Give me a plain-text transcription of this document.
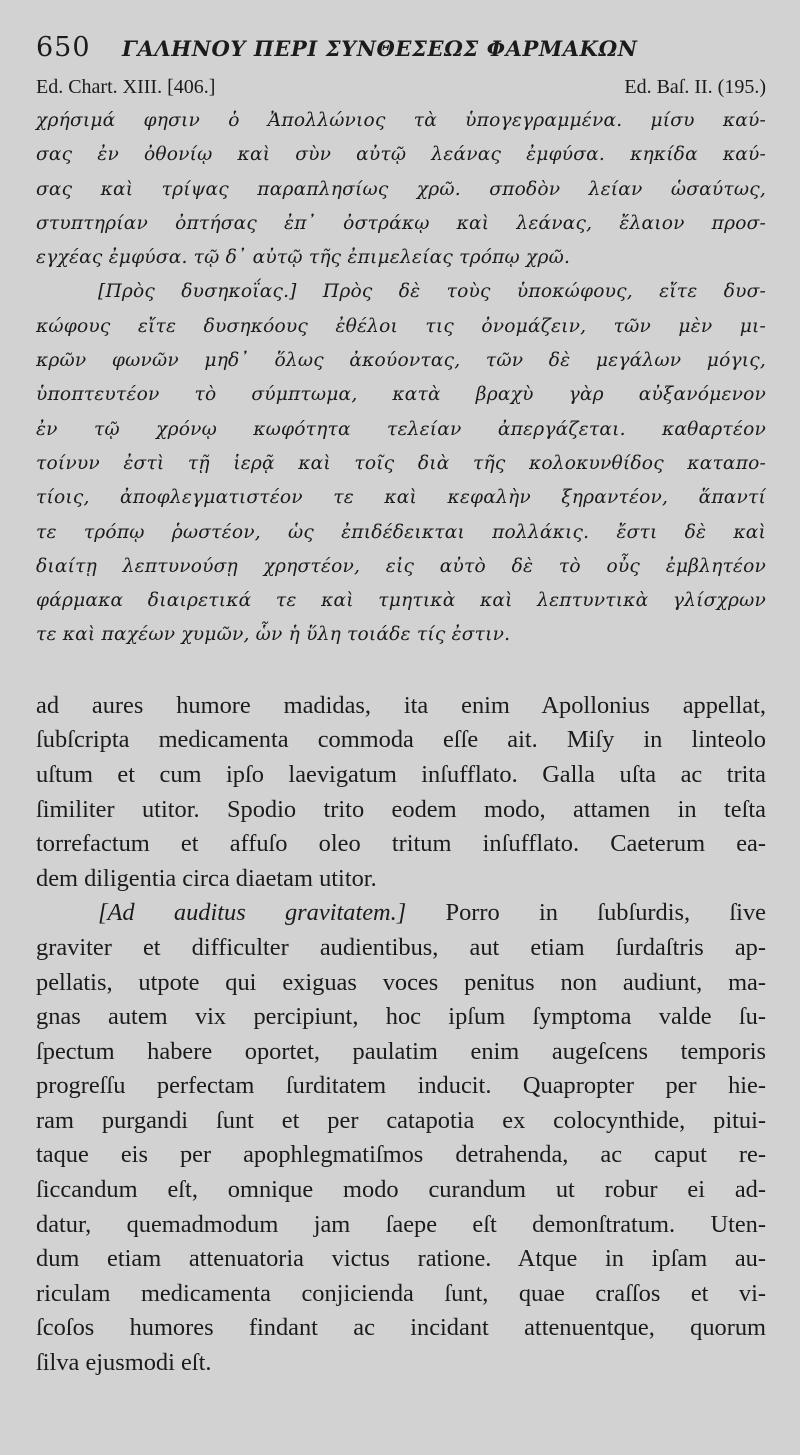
650	ΓΑΛΗΝΟΥ ΠΕΡΙ ΣΥΝΘΕΣΕΩΣ ΦΑΡΜΑΚΩΝ
Ed. Chart. XIII. [406.]	Ed. Baſ. II. (195.)
χρήσιμά φησιν ὁ Ἀπολλώνιος τὰ ὑπογεγραμμένα. μίσυ καύ-
σας ἐν ὀθονίῳ καὶ σὺν αὐτῷ λεάνας ἐμφύσα. κηκίδα καύ-
σας καὶ τρίψας παραπλησίως χρῶ. σποδὸν λείαν ὡσαύτως,
στυπτηρίαν ὀπτήσας ἐπ᾽ ὀστράκῳ καὶ λεάνας, ἔλαιον προσ-
εγχέας ἐμφύσα. τῷ δ᾽ αὐτῷ τῆς ἐπιμελείας τρόπῳ χρῶ.
[Πρὸς δυσηκοΐας.] Πρὸς δὲ τοὺς ὑποκώφους, εἴτε δυσ-
κώφους εἴτε δυσηκόους ἐθέλοι τις ὀνομάζειν, τῶν μὲν μι-
κρῶν φωνῶν μηδ᾽ ὅλως ἀκούοντας, τῶν δὲ μεγάλων μόγις,
ὑποπτευτέον τὸ σύμπτωμα, κατὰ βραχὺ γὰρ αὐξανόμενον
ἐν τῷ χρόνῳ κωφότητα τελείαν ἀπεργάζεται. καθαρτέον
τοίνυν ἐστὶ τῇ ἱερᾷ καὶ τοῖς διὰ τῆς κολοκυνθίδος καταπο-
τίοις, ἀποφλεγματιστέον τε καὶ κεφαλὴν ξηραντέον, ἅπαντί
τε τρόπῳ ῥωστέον, ὡς ἐπιδέδεικται πολλάκις. ἔστι δὲ καὶ
διαίτῃ λεπτυνούσῃ χρηστέον, εἰς αὐτὸ δὲ τὸ οὖς ἐμβλητέον
φάρμακα διαιρετικά τε καὶ τμητικὰ καὶ λεπτυντικὰ γλίσχρων
τε καὶ παχέων χυμῶν, ὧν ἡ ὕλη τοιάδε τίς ἐστιν.
ad aures humore madidas, ita enim Apollonius appellat,
ſubſcripta medicamenta commoda eſſe ait. Miſy in linteolo
uſtum et cum ipſo laevigatum inſufflato. Galla uſta ac trita
ſimiliter utitor. Spodio trito eodem modo, attamen in teſta
torrefactum et affuſo oleo tritum inſufflato. Caeterum ea-
dem diligentia circa diaetam utitor.
[Ad auditus gravitatem.] Porro in ſubſurdis, ſive
graviter et difficulter audientibus, aut etiam ſurdaſtris ap-
pellatis, utpote qui exiguas voces penitus non audiunt, ma-
gnas autem vix percipiunt, hoc ipſum ſymptoma valde ſu-
ſpectum habere oportet, paulatim enim augeſcens temporis
progreſſu perfectam ſurditatem inducit. Quapropter per hie-
ram purgandi ſunt et per catapotia ex colocynthide, pitui-
taque eis per apophlegmatiſmos detrahenda, ac caput re-
ſiccandum eſt, omnique modo curandum ut robur ei ad-
datur, quemadmodum jam ſaepe eſt demonſtratum. Uten-
dum etiam attenuatoria victus ratione. Atque in ipſam au-
riculam medicamenta conjicienda ſunt, quae craſſos et vi-
ſcoſos humores findant ac incidant attenuentque, quorum
ſilva ejusmodi eſt.
